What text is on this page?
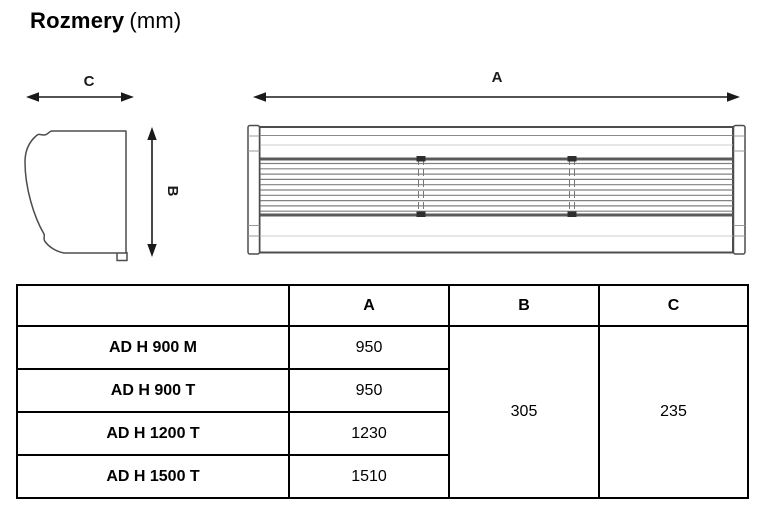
Rozmery (mm)
C	A
B
	A	B	C
AD H 900 M	950	305	235
AD H 900 T	950		
AD H 1200 T	1230		
AD H 1500 T	1510		
